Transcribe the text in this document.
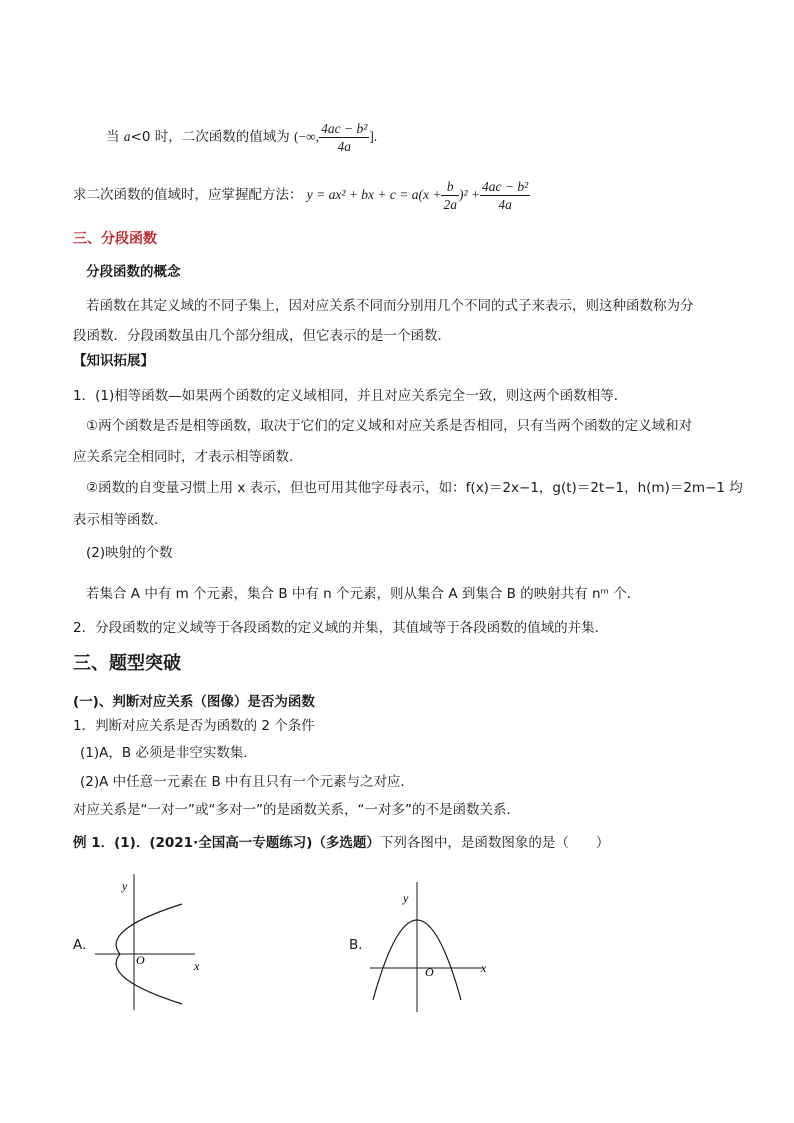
当 a<0 时，二次函数的值域为 (−∞, $\frac{\text{4ac − b²}}{4a}$ ].
求二次函数的值域时，应掌握配方法： y = ax² + bx + $c = a(x + \frac{b}{2a} )^2 + \frac{\text{4ac − b²}}{4a}$
三、分段函数
分段函数的概念
若函数在其定义域的不同子集上，因对应关系不同而分别用几个不同的式子来表示，则这种函数称为分
段函数．分段函数虽由几个部分组成，但它表示的是一个函数．
【知识拓展】
1．(1)相等函数—如果两个函数的定义域相同，并且对应关系完全一致，则这两个函数相等．
①两个函数是否是相等函数，取决于它们的定义域和对应关系是否相同，只有当两个函数的定义域和对
应关系完全相同时，才表示相等函数．
②函数的自变量习惯上用 x 表示，但也可用其他字母表示，如：f(x)＝2x−1，g(t)＝2t−1，h(m)＝2m−1 均
表示相等函数．
(2)映射的个数
若集合 A 中有 m 个元素，集合 B 中有 n 个元素，则从集合 A 到集合 B 的映射共有 nᵐ 个．
2．分段函数的定义域等于各段函数的定义域的并集，其值域等于各段函数的值域的并集．
三、题型突破
(一)、判断对应关系（图像）是否为函数
1．判断对应关系是否为函数的 2 个条件
(1)A，B 必须是非空实数集．
(2)A 中任意一元素在 B 中有且只有一个元素与之对应．
对应关系是“一对一”或“多对一”的是函数关系，“一对多”的不是函数关系．
例 1．(1)．(2021·全国高一专题练习)（多选题）下列各图中，是函数图象的是（　　）
A．
y
x
O
B．
y
x
O
